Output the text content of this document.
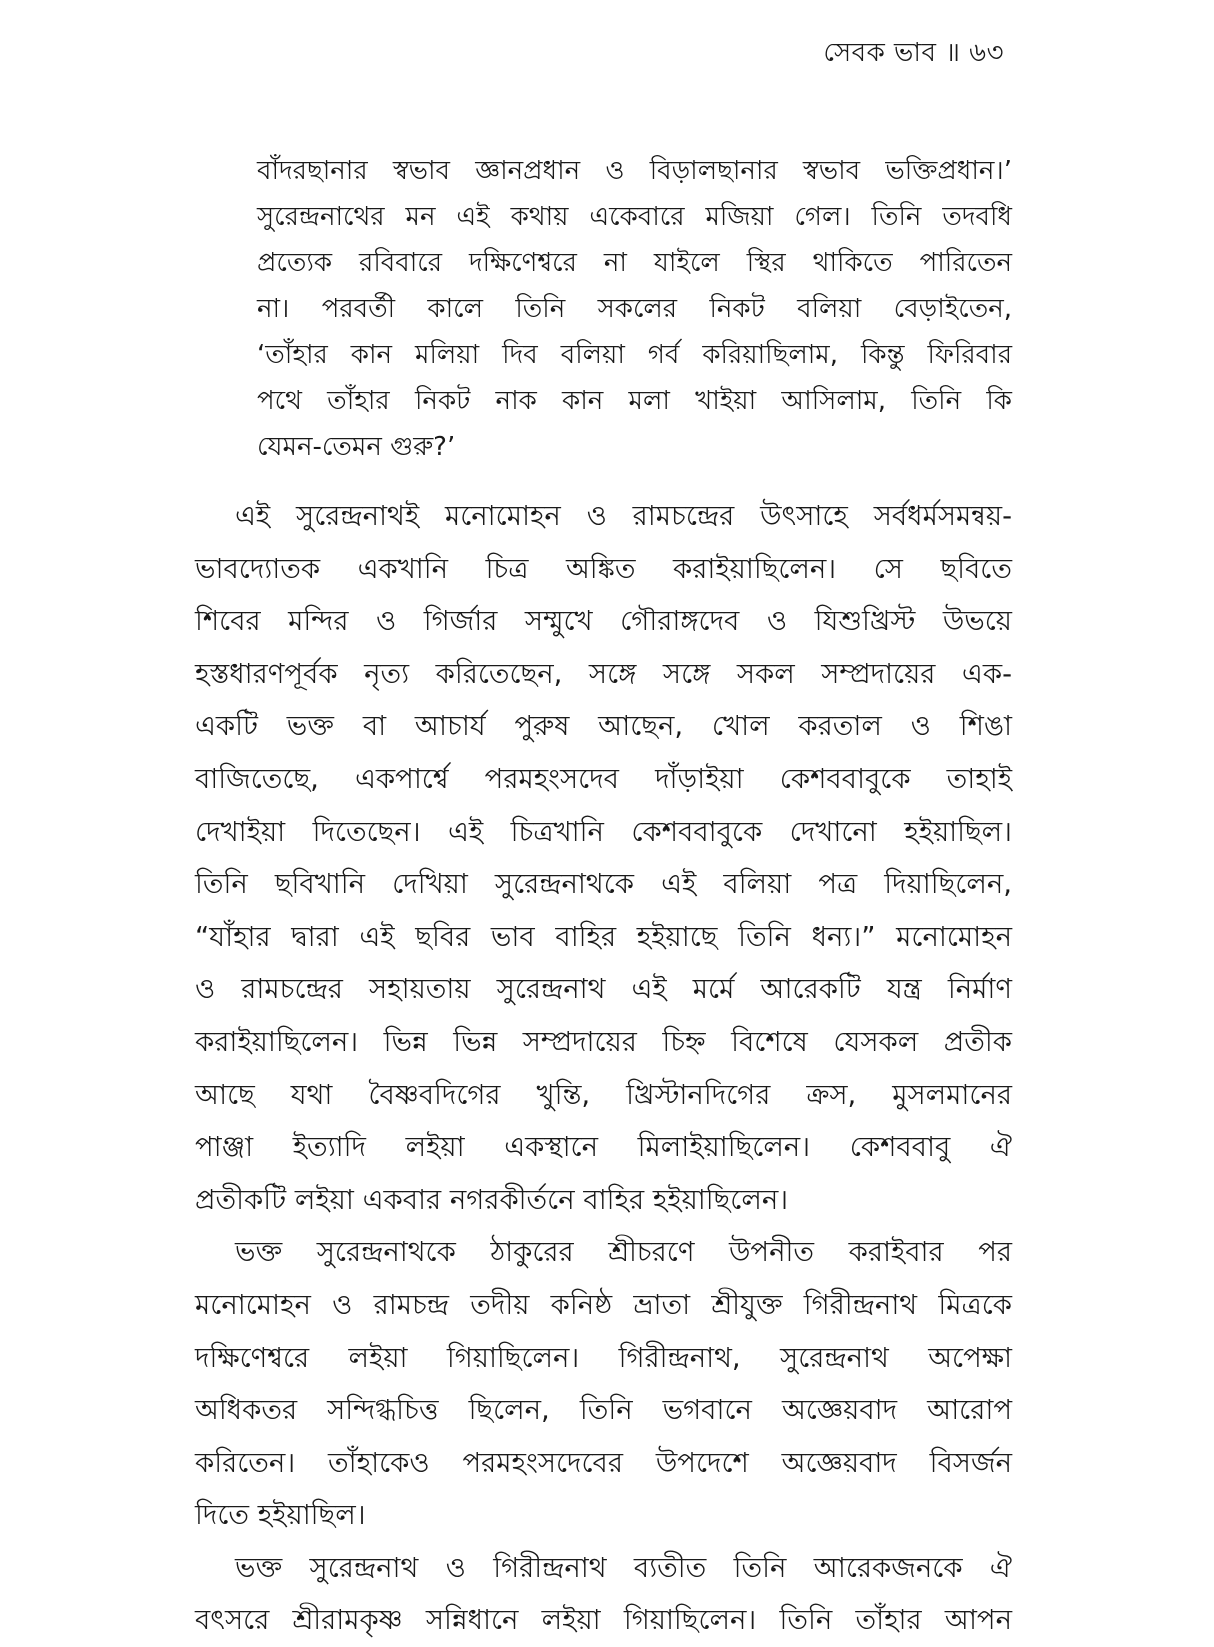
সেবক ভাব ॥ ৬৩
বাঁদরছানার স্বভাব জ্ঞানপ্রধান ও বিড়ালছানার স্বভাব ভক্তিপ্রধান।’
সুরেন্দ্রনাথের মন এই কথায় একেবারে মজিয়া গেল। তিনি তদবধি
প্রত্যেক রবিবারে দক্ষিণেশ্বরে না যাইলে স্থির থাকিতে পারিতেন
না। পরবর্তী কালে তিনি সকলের নিকট বলিয়া বেড়াইতেন,
‘তাঁহার কান মলিয়া দিব বলিয়া গর্ব করিয়াছিলাম, কিন্তু ফিরিবার
পথে তাঁহার নিকট নাক কান মলা খাইয়া আসিলাম, তিনি কি
যেমন-তেমন গুরু?’
এই সুরেন্দ্রনাথই মনোমোহন ও রামচন্দ্রের উৎসাহে সর্বধর্মসমন্বয়-
ভাবদ্যোতক একখানি চিত্র অঙ্কিত করাইয়াছিলেন। সে ছবিতে
শিবের মন্দির ও গির্জার সম্মুখে গৌরাঙ্গদেব ও যিশুখ্রিস্ট উভয়ে
হস্তধারণপূর্বক নৃত্য করিতেছেন, সঙ্গে সঙ্গে সকল সম্প্রদায়ের এক-
একটি ভক্ত বা আচার্য পুরুষ আছেন, খোল করতাল ও শিঙা
বাজিতেছে, একপার্শ্বে পরমহংসদেব দাঁড়াইয়া কেশববাবুকে তাহাই
দেখাইয়া দিতেছেন। এই চিত্রখানি কেশববাবুকে দেখানো হইয়াছিল।
তিনি ছবিখানি দেখিয়া সুরেন্দ্রনাথকে এই বলিয়া পত্র দিয়াছিলেন,
“যাঁহার দ্বারা এই ছবির ভাব বাহির হইয়াছে তিনি ধন্য।” মনোমোহন
ও রামচন্দ্রের সহায়তায় সুরেন্দ্রনাথ এই মর্মে আরেকটি যন্ত্র নির্মাণ
করাইয়াছিলেন। ভিন্ন ভিন্ন সম্প্রদায়ের চিহ্ন বিশেষে যেসকল প্রতীক
আছে যথা বৈষ্ণবদিগের খুন্তি, খ্রিস্টানদিগের ক্রস, মুসলমানের
পাঞ্জা ইত্যাদি লইয়া একস্থানে মিলাইয়াছিলেন। কেশববাবু ঐ
প্রতীকটি লইয়া একবার নগরকীর্তনে বাহির হইয়াছিলেন।
ভক্ত সুরেন্দ্রনাথকে ঠাকুরের শ্রীচরণে উপনীত করাইবার পর
মনোমোহন ও রামচন্দ্র তদীয় কনিষ্ঠ ভ্রাতা শ্রীযুক্ত গিরীন্দ্রনাথ মিত্রকে
দক্ষিণেশ্বরে লইয়া গিয়াছিলেন। গিরীন্দ্রনাথ, সুরেন্দ্রনাথ অপেক্ষা
অধিকতর সন্দিগ্ধচিত্ত ছিলেন, তিনি ভগবানে অজ্ঞেয়বাদ আরোপ
করিতেন। তাঁহাকেও পরমহংসদেবের উপদেশে অজ্ঞেয়বাদ বিসর্জন
দিতে হইয়াছিল।
ভক্ত সুরেন্দ্রনাথ ও গিরীন্দ্রনাথ ব্যতীত তিনি আরেকজনকে ঐ
বৎসরে শ্রীরামকৃষ্ণ সন্নিধানে লইয়া গিয়াছিলেন। তিনি তাঁহার আপন
